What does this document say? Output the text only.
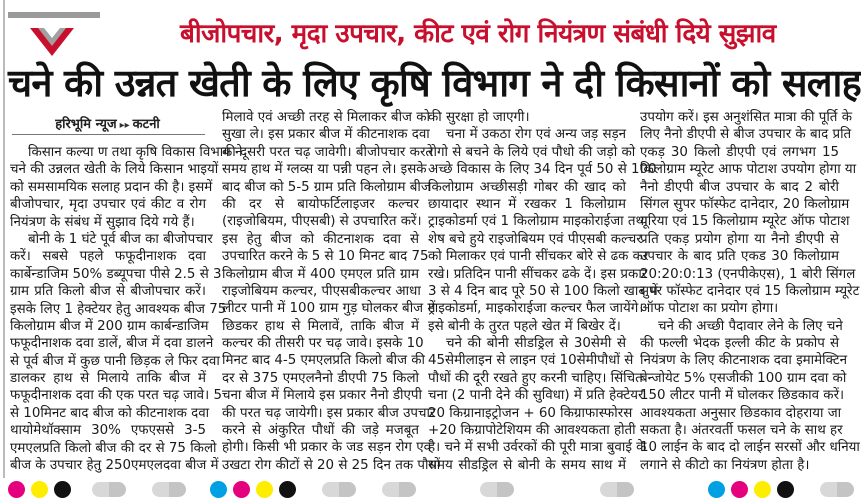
बीजोपचार, मृदा उपचार, कीट एवं रोग नियंत्रण संबंधी दिये सुझाव
चने की उन्नत खेती के लिए कृषि विभाग ने दी किसानों को सलाह
हरिभूमि न्यूज ▸▸ कटनी
किसान कल्या ण तथा कृषि विकास विभाग ने
चने की उन्नलत खेती के लिये किसान भाइयों
को समसामयिक सलाह प्रदान की है। इसमें
बीजोपचार, मृदा उपचार एवं कीट व रोग
नियंत्रण के संबंध में सुझाव दिये गये हैं।
बोनी के 1 घंटे पूर्व बीज का बीजोपचार
करें। सबसे पहले फफूदीनाशक दवा
कार्बेन्डाजिम 50% डब्यूपचा पीसे 2.5 से 3
ग्राम प्रति किलो बीज से बीजोपचार करें।
इसके लिए 1 हेक्टेयर हेतु आवश्यक बीज 75
किलोग्राम बीज में 200 ग्राम कार्बन्डाजिम
फफूदीनाशक दवा डालें, बीज में दवा डालने
से पूर्व बीज में कुछ पानी छिड़क ले फिर दवा
डालकर हाथ से मिलाये ताकि बीज में
फफूदीनाशक दवा की एक परत चढ़ जावे। 5
से 10मिनट बाद बीज को कीटनाशक दवा
थायोमेथॉक्साम 30% एफएससे 3-5
एमएलप्रति किलो बीज की दर से 75 किलो
बीज के उपचार हेतु 250एमएलदवा बीज में
मिलावे एवं अच्छी तरह से मिलाकर बीज को
सुखा ले। इस प्रकार बीज में कीटनाशक दवा
की दूसरी परत चढ़ जावेगी। बीजोपचार करते
समय हाथ में ग्लव्स या पन्नी पहन ले। इसके
बाद बीज को 5-5 ग्राम प्रति किलोग्राम बीज
की दर से बायोफर्टिलाइजर कल्चर
(राइजोबियम, पीएसबी) से उपचारित करें।
इस हेतु बीज को कीटनाशक दवा से
उपचारित करने के 5 से 10 मिनट बाद 75
किलोग्राम बीज में 400 एमएल प्रति ग्राम
राइजोबियम कल्चर, पीएसबीकल्चर आधा
लीटर पानी में 100 ग्राम गुड़ घोलकर बीज में
छिडकर हाथ से मिलावें, ताकि बीज में
कल्चर की तीसरी पर चढ़ जावे। इसके 10
मिनट बाद 4-5 एमएलप्रति किलो बीज की
दर से 375 एमएलनैनो डीएपी 75 किलो
चना बीज में मिलाये इस प्रकार नैनो डीएपी
की परत चढ़ जायेगी। इस प्रकार बीज उपचार
करने से अंकुरित पौधों की जड़े मजबूत
होगी। किसी भी प्रकार के जड सड़न रोग एवं
उखटा रोग कीटों से 20 से 25 दिन तक पौधों
की सुरक्षा हो जाएगी।
चना में उकठा रोग एवं अन्य जड़ सड़न
रोगो से बचने के लिये एवं पौधो की जड़ो को
अच्छे विकास के लिए 34 दिन पूर्व 50 से 100
किलोग्राम अच्छीसड़ी गोबर की खाद को
छायादार स्थान में रखकर 1 किलोग्राम
ट्राइकोडर्मा एवं 1 किलोग्राम माइकोराईजा तथा
शेष बचे हुये राइजोबियम एवं पीएसबी कल्चर
को मिलाकर एवं पानी सींचकर बोरे से ढक कर
रखे। प्रतिदिन पानी सींचकर ढके दें। इस प्रकार
3 से 4 दिन बाद पूरे 50 से 100 किलो खाद में
ट्राइकोडर्मा, माइकोराईजा कल्चर फैल जायेंगे।
इसे बोनी के तुरत पहले खेत में बिखेर दें।
चने की बोनी सीडड्रिल से 30सेमी से
45सेमीलाइन से लाइन एवं 10सेमीपौधों से
पौधों की दूरी रखते हुए करनी चाहिए। सिंचित
चना (2 पानी देने की सुविधा) में प्रति हेक्टेयर
20 किग्रानाइट्रोजन + 60 किग्राफास्फोरस
+20 किग्रापोटेशियम की आवश्यकता होती
है। चने में सभी उर्वरकों की पूरी मात्रा बुवाई के
समय सीडड्रिल से बोनी के समय साथ में
उपयोग करें। इस अनुशंसित मात्रा की पूर्ति के
लिए नैनो डीएपी से बीज उपचार के बाद प्रति
एकड़ 30 किलो डीएपी एवं लगभग 15
किलोग्राम म्यूरेट आफ पोटाश उपयोग होगा या
नैनो डीएपी बीज उपचार के बाद 2 बोरी
सिंगल सुपर फॉस्फेट दानेदार, 20 किलोग्राम
यूरिया एवं 15 किलोग्राम म्यूरेट ऑफ पोटाश
प्रति एकड़ प्रयोग होगा या नैनो डीएपी से
उपचार के बाद प्रति एकड 30 किलोग्राम
20:20:0:13 (एनपीकेएस), 1 बोरी सिंगल
सुपर फॉस्फेट दानेदार एवं 15 किलोग्राम म्यूरेट
ऑफ पोटाश का प्रयोग होगा।
चने की अच्छी पैदावार लेने के लिए चने
की फल्ली भेदक इल्ली कीट के प्रकोप से
नियंत्रण के लिए कीटनाशक दवा इमामेक्टिन
बेन्जोयेट 5% एसजीकी 100 ग्राम दवा को
150 लीटर पानी में घोलकर छिडकाव करें।
आवश्यकता अनुसार छिडकाव दोहराया जा
सकता है। अंतरवर्ती फसल चने के साथ हर
10 लाईन के बाद दो लाईन सरसों और धनिया
लगाने से कीटो का नियंत्रण होता है।
